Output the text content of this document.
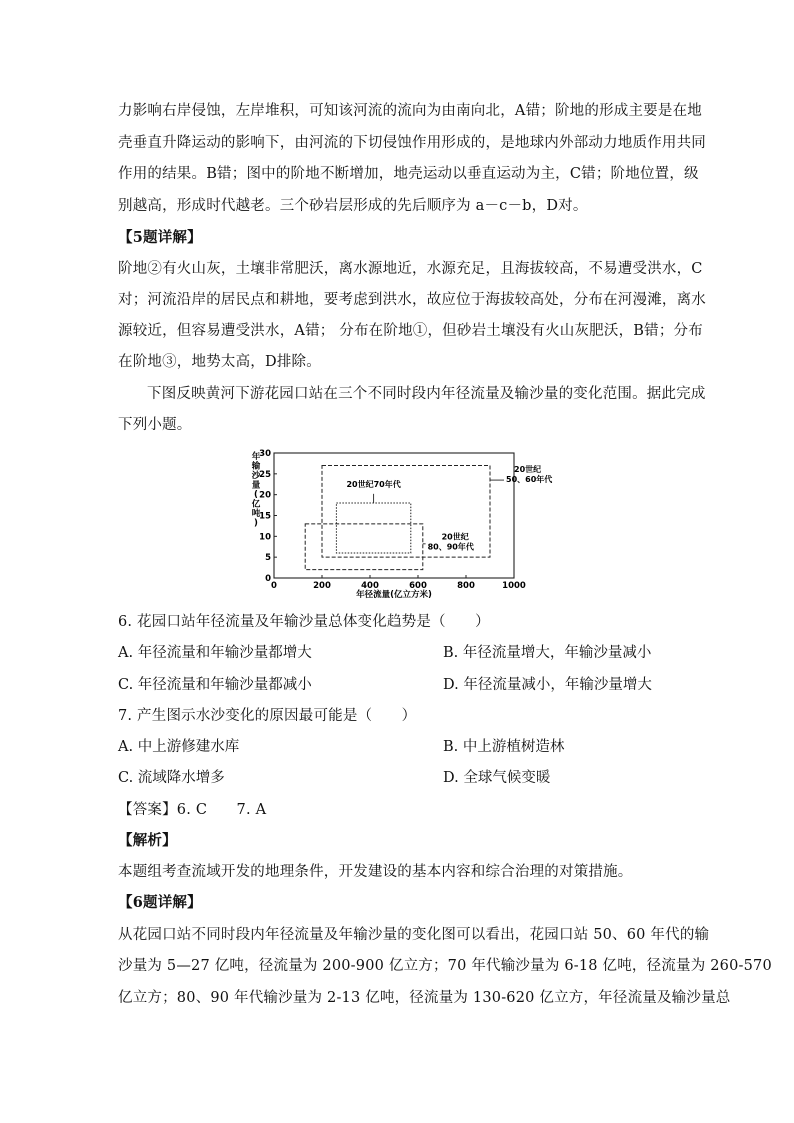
力影响右岸侵蚀，左岸堆积，可知该河流的流向为由南向北，A错；阶地的形成主要是在地
壳垂直升降运动的影响下，由河流的下切侵蚀作用形成的，是地球内外部动力地质作用共同
作用的结果。B错；图中的阶地不断增加，地壳运动以垂直运动为主，C错；阶地位置，级
别越高，形成时代越老。三个砂岩层形成的先后顺序为 a－c－b，D对。
【5题详解】
阶地②有火山灰，土壤非常肥沃，离水源地近，水源充足，且海拔较高，不易遭受洪水，C
对；河流沿岸的居民点和耕地，要考虑到洪水，故应位于海拔较高处，分布在河漫滩，离水
源较近，但容易遭受洪水，A错； 分布在阶地①，但砂岩土壤没有火山灰肥沃，B错；分布
在阶地③，地势太高，D排除。
下图反映黄河下游花园口站在三个不同时段内年径流量及输沙量的变化范围。据此完成
下列小题。
0	200	400	600	800	1000
0
5
10
15
20
25
30
年径流量(亿立方米)
年输沙量(亿吨)
20世纪
50、60年代
20世纪70年代
20世纪
80、90年代
6. 花园口站年径流量及年输沙量总体变化趋势是（　　）
A. 年径流量和年输沙量都增大	B. 年径流量增大，年输沙量减小
C. 年径流量和年输沙量都减小	D. 年径流量减小，年输沙量增大
7. 产生图示水沙变化的原因最可能是（　　）
A. 中上游修建水库	B. 中上游植树造林
C. 流域降水增多	D. 全球气候变暖
【答案】6. C　　7. A
【解析】
本题组考查流域开发的地理条件，开发建设的基本内容和综合治理的对策措施。
【6题详解】
从花园口站不同时段内年径流量及年输沙量的变化图可以看出，花园口站 50、60 年代的输
沙量为 5—27 亿吨，径流量为 200-900 亿立方；70 年代输沙量为 6-18 亿吨，径流量为 260-570
亿立方；80、90 年代输沙量为 2-13 亿吨，径流量为 130-620 亿立方，年径流量及输沙量总
